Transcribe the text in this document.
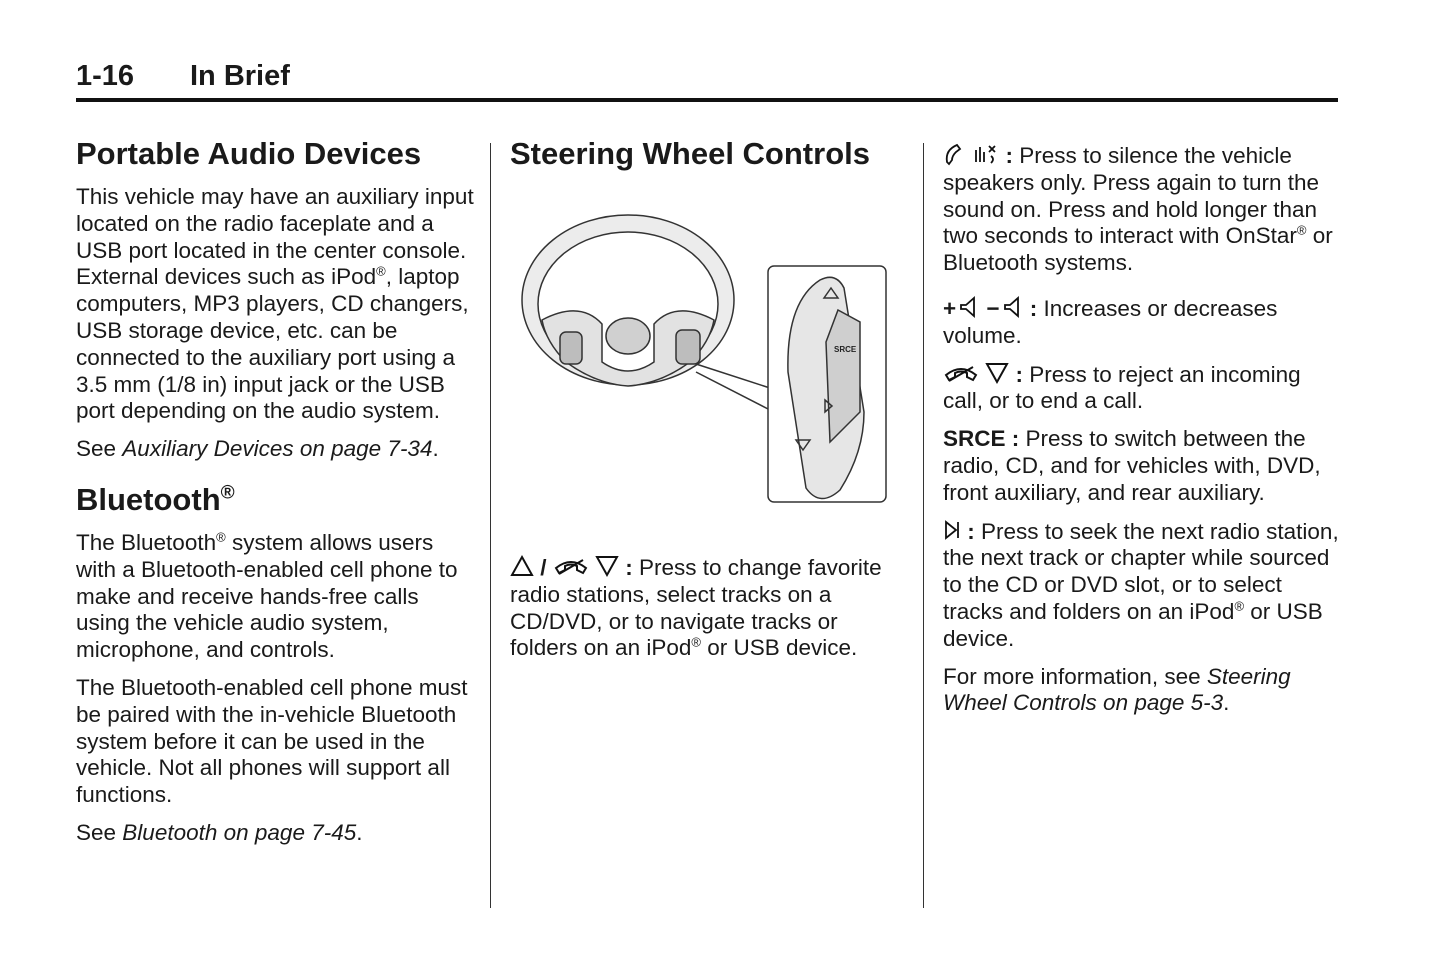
1-16 In Brief
Portable Audio Devices

This vehicle may have an auxiliary input located on the radio faceplate and a USB port located in the center console. External devices such as iPod®, laptop computers, MP3 players, CD changers, USB storage device, etc. can be connected to the auxiliary port using a 3.5 mm (1/8 in) input jack or the USB port depending on the audio system.

See Auxiliary Devices on page 7-34.

Bluetooth®

The Bluetooth® system allows users with a Bluetooth-enabled cell phone to make and receive hands-free calls using the vehicle audio system, microphone, and controls.

The Bluetooth-enabled cell phone must be paired with the in-vehicle Bluetooth system before it can be used in the vehicle. Not all phones will support all functions.

See Bluetooth on page 7-45.

Steering Wheel Controls
SRCE

/	: Press to change favorite radio stations, select tracks on a CD/DVD, or to navigate tracks or folders on an iPod® or USB device.

: Press to silence the vehicle speakers only. Press again to turn the sound on. Press and hold longer than two seconds to interact with OnStar® or Bluetooth systems.

+ − : Increases or decreases volume.

: Press to reject an incoming call, or to end a call.

SRCE : Press to switch between the radio, CD, and for vehicles with, DVD, front auxiliary, and rear auxiliary.

: Press to seek the next radio station, the next track or chapter while sourced to the CD or DVD slot, or to select tracks and folders on an iPod® or USB device.

For more information, see Steering Wheel Controls on page 5-3.
